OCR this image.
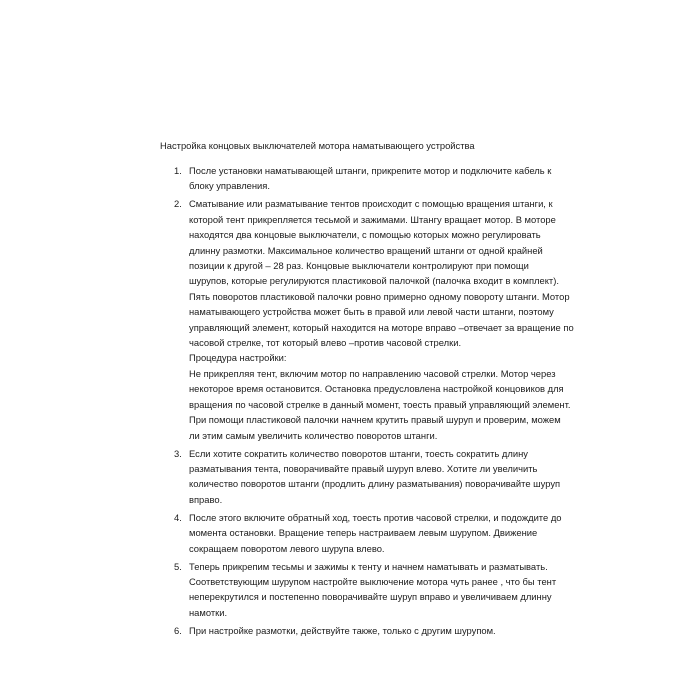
Настройка концовых выключателей мотора наматывающего устройства
1. После установки наматывающей штанги, прикрепите мотор и подключите кабель к
блоку управления.
2. Сматывание или разматывание тентов происходит с помощью вращения штанги, к
которой тент прикрепляется тесьмой и зажимами. Штангу вращает мотор. В моторе
находятся два концовые выключатели, с помощью которых можно регулировать
длинну размотки. Максимальное количество вращений штанги от одной крайней
позиции к другой – 28 раз. Концовые выключатели контролируют при помощи
шурупов, которые регулируются пластиковой палочкой (палочка входит в комплект).
Пять поворотов пластиковой палочки ровно примерно одному повороту штанги. Мотор
наматывающего устройства может быть в правой или левой части штанги, поэтому
управляющий элемент, который находится на моторе вправо –отвечает за вращение по
часовой стрелке, тот который влево –против часовой стрелки.
Процедура настройки:
Не прикрепляя тент, включим мотор по направлению часовой стрелки. Мотор через
некоторое время остановится. Остановка предусловлена настройкой концовиков для
вращения по часовой стрелке в данный момент, тоесть правый управляющий элемент.
При помощи пластиковой палочки начнем крутить правый шуруп и проверим, можем
ли этим самым увеличить количество поворотов штанги.
3. Если хотите сократить количество поворотов штанги, тоесть сократить длину
разматывания тента, поворачивайте правый шуруп влево. Хотите ли увеличить
количество поворотов штанги (продлить длину разматывания) поворачивайте шуруп
вправо.
4. После этого включите обратный ход, тоесть против часовой стрелки, и подождите до
момента остановки. Вращение теперь настраиваем левым шурупом. Движение
сокращаем поворотом левого шурупа влево.
5. Теперь прикрепим тесьмы и зажимы к тенту и начнем наматывать и разматывать.
Соответствующим шурупом настройте выключение мотора чуть ранее , что бы тент
неперекрутился и постепенно поворачивайте шуруп вправо и увеличиваем длинну
намотки.
6. При настройке размотки, действуйте также, только с другим шурупом.
